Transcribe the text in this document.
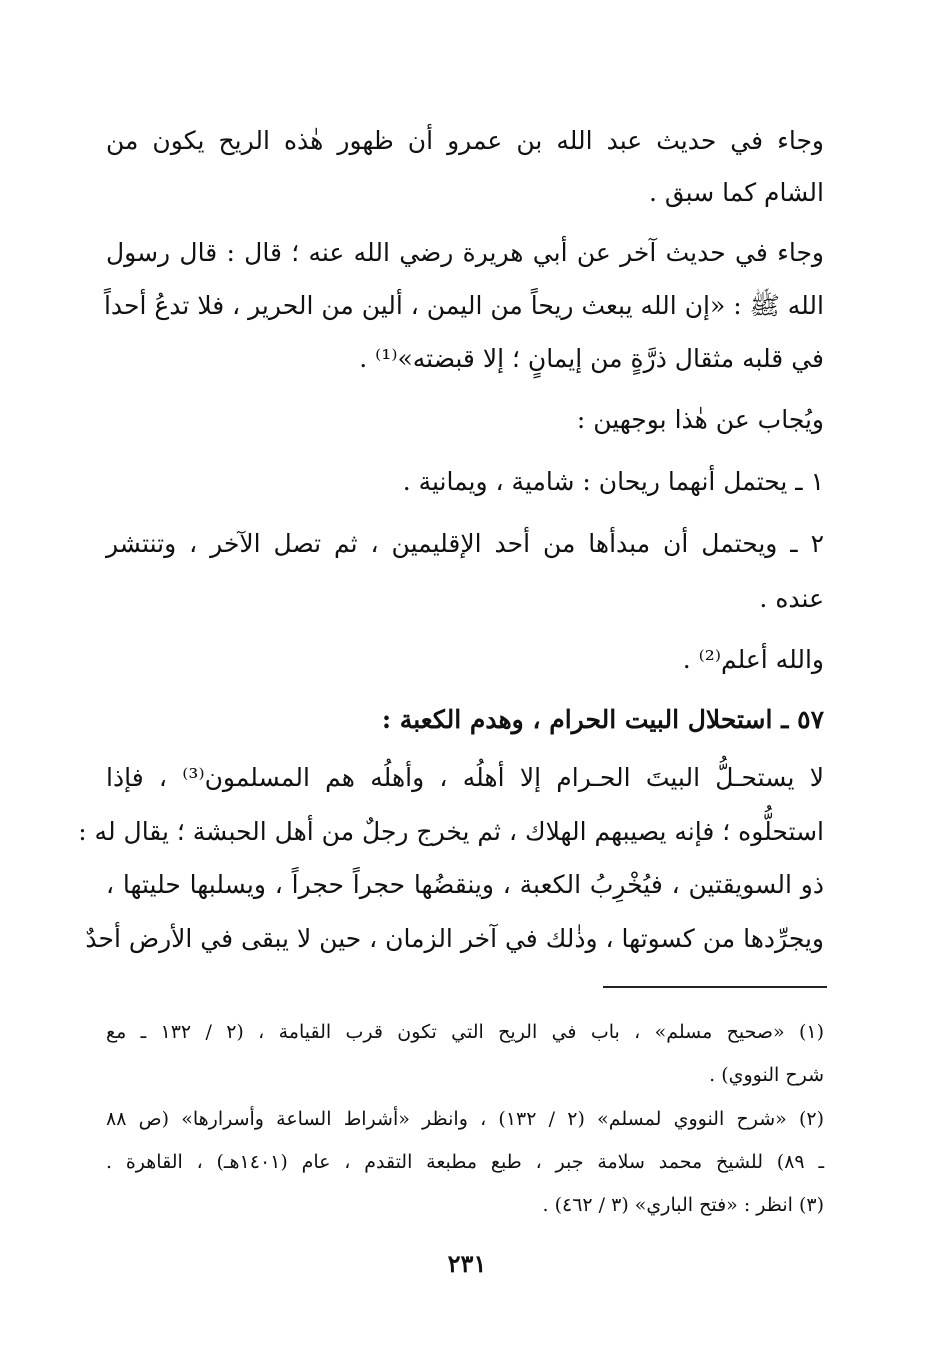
وجاء في حديث عبد الله بن عمرو أن ظهور هٰذه الريح يكون من
الشام كما سبق .
وجاء في حديث آخر عن أبي هريرة رضي الله عنه ؛ قال : قال رسول
الله ﷺ : «إن الله يبعث ريحاً من اليمن ، ألين من الحرير ، فلا تدعُ أحداً
في قلبه مثقال ذرَّةٍ من إيمانٍ ؛ إلا قبضته»⁽¹⁾ .
ويُجاب عن هٰذا بوجهين :
١ ـ يحتمل أنهما ريحان : شامية ، ويمانية .
٢ ـ ويحتمل أن مبدأها من أحد الإقليمين ، ثم تصل الآخر ، وتنتشر
عنده .
والله أعلم⁽²⁾ .
٥٧ ـ استحلال البيت الحرام ، وهدم الكعبة :
لا يستحـلُّ البيتَ الحـرام إلا أهلُه ، وأهلُه هم المسلمون⁽³⁾ ، فإذا
استحلُّوه ؛ فإنه يصيبهم الهلاك ، ثم يخرج رجلٌ من أهل الحبشة ؛ يقال له :
ذو السويقتين ، فيُخْرِبُ الكعبة ، وينقضُها حجراً حجراً ، ويسلبها حليتها ،
ويجرِّدها من كسوتها ، وذٰلك في آخر الزمان ، حين لا يبقى في الأرض أحدٌ
(١) «صحيح مسلم» ، باب في الريح التي تكون قرب القيامة ، (٢ / ١٣٢ ـ مع
شرح النووي) .
(٢) «شرح النووي لمسلم» (٢ / ١٣٢) ، وانظر «أشراط الساعة وأسرارها» (ص ٨٨
ـ ٨٩) للشيخ محمد سلامة جبر ، طبع مطبعة التقدم ، عام (١٤٠١هـ) ، القاهرة .
(٣) انظر : «فتح الباري» (٣ / ٤٦٢) .
٢٣١
